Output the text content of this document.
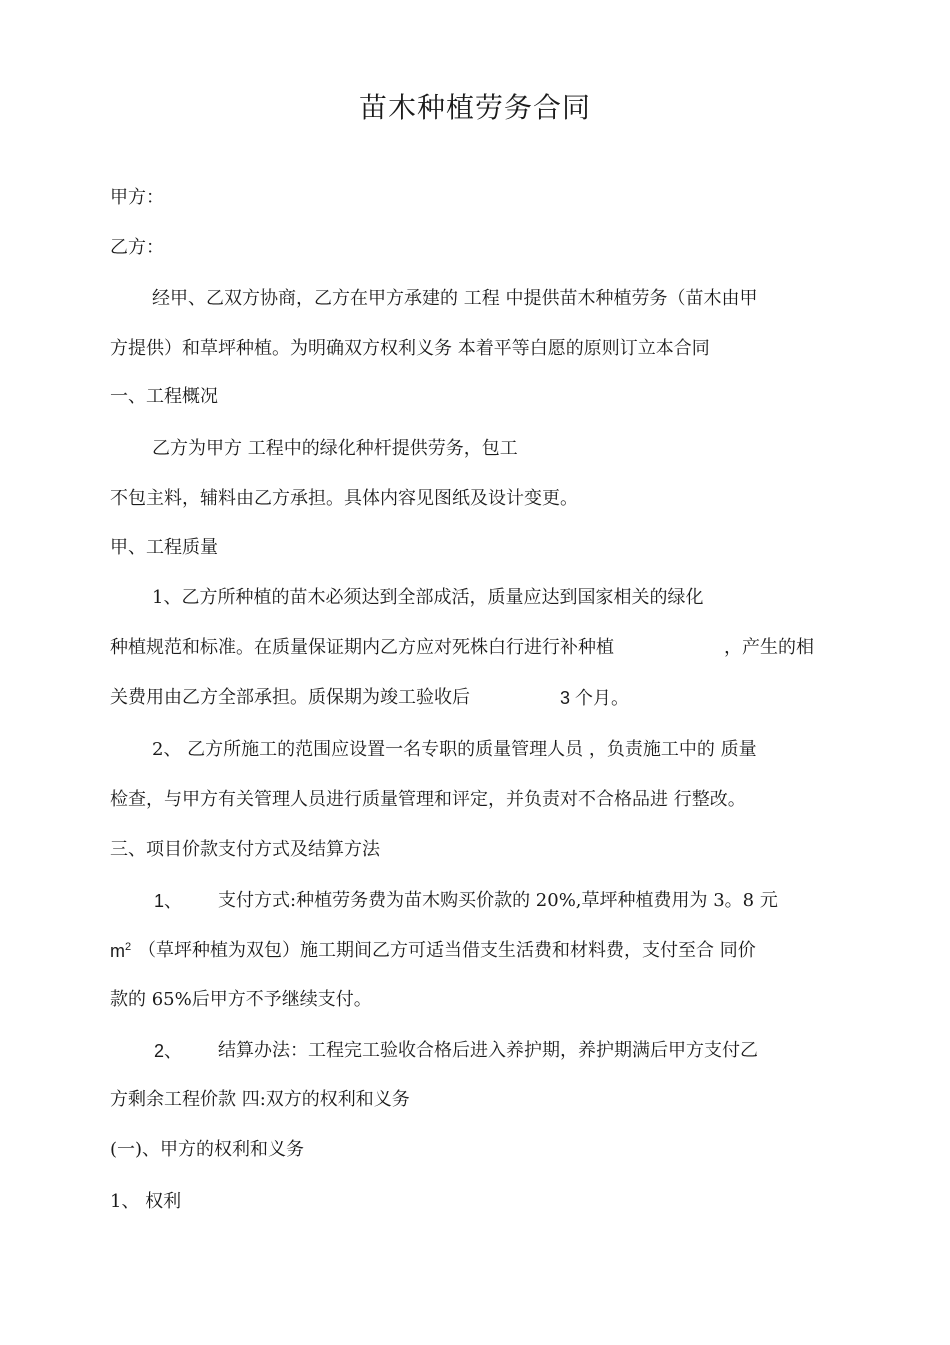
苗木种植劳务合同
甲方：
乙方：
经甲、乙双方协商，乙方在甲方承建的 工程 中提供苗木种植劳务（苗木由甲
方提供）和草坪种植。为明确双方权利义务 本着平等白愿的原则订立本合同
一、工程概况
乙方为甲方 工程中的绿化种杆提供劳务，包工
不包主料，辅料由乙方承担。具体内容见图纸及设计变更。
甲、工程质量
1、乙方所种植的苗木必须达到全部成活，质量应达到国家相关的绿化
种植规范和标准。在质量保证期内乙方应对死株白行进行补种植	，产生的相
关费用由乙方全部承担。质保期为竣工验收后	3 个月。
2、 乙方所施工的范围应设置一名专职的质量管理人员 ，负责施工中的 质量
检查，与甲方有关管理人员进行质量管理和评定，并负责对不合格品进 行整改。
三、项目价款支付方式及结算方法
1、 支付方式:种植劳务费为苗木购买价款的 20%,草坪种植费用为 3。8 元
$m^2$ （草坪种植为双包）施工期间乙方可适当借支生活费和材料费，支付至合 同价
款的 65%后甲方不予继续支付。
2、 结算办法：工程完工验收合格后进入养护期，养护期满后甲方支付乙
方剩余工程价款 四:双方的权利和义务
(一)、甲方的权利和义务
1、 权利
